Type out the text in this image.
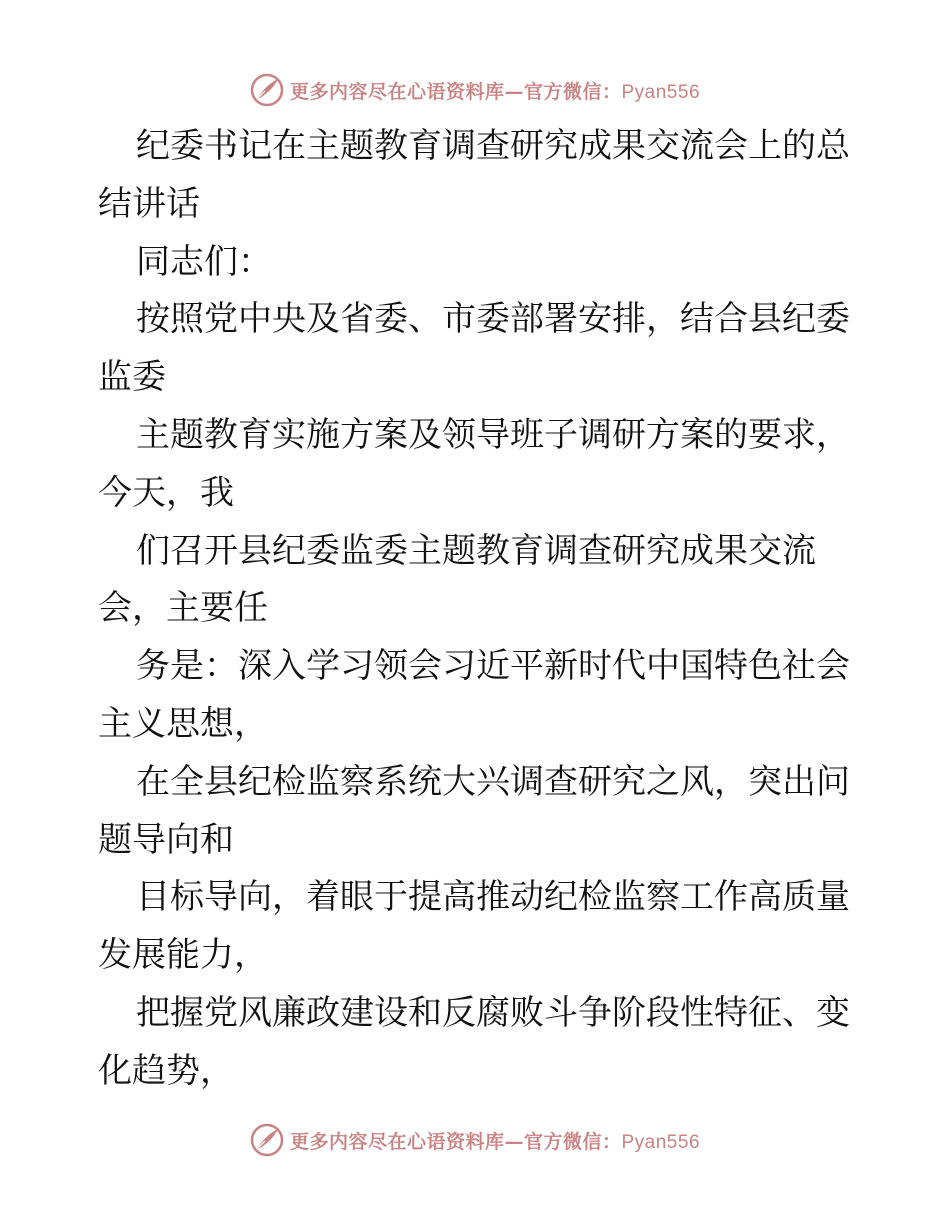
更多内容尽在心语资料库—官方微信：Pyan556
纪委书记在主题教育调查研究成果交流会上的总
结讲话
同志们：
按照党中央及省委、市委部署安排，结合县纪委
监委
主题教育实施方案及领导班子调研方案的要求，
今天，我
们召开县纪委监委主题教育调查研究成果交流
会，主要任
务是：深入学习领会习近平新时代中国特色社会
主义思想，
在全县纪检监察系统大兴调查研究之风，突出问
题导向和
目标导向，着眼于提高推动纪检监察工作高质量
发展能力，
把握党风廉政建设和反腐败斗争阶段性特征、变
化趋势，
更多内容尽在心语资料库—官方微信：Pyan556
